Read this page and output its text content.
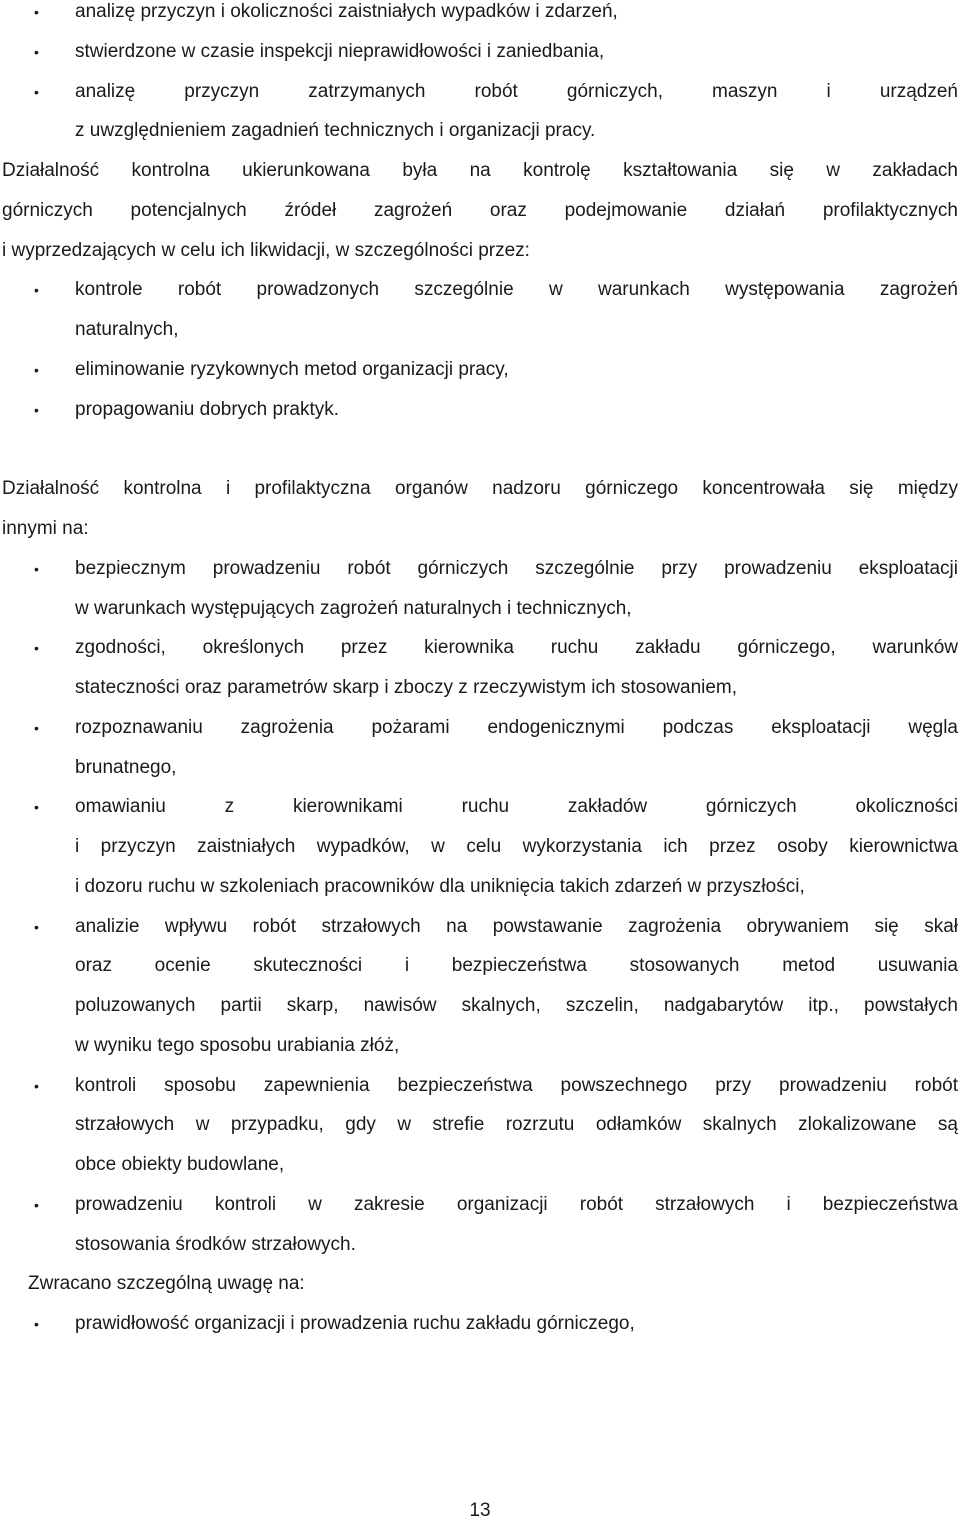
• analizę przyczyn i okoliczności zaistniałych wypadków i zdarzeń,
• stwierdzone w czasie inspekcji nieprawidłowości i zaniedbania,
• analizę przyczyn zatrzymanych robót górniczych, maszyn i urządzeń
z uwzględnieniem zagadnień technicznych i organizacji pracy.
Działalność kontrolna ukierunkowana była na kontrolę kształtowania się w zakładach
górniczych potencjalnych źródeł zagrożeń oraz podejmowanie działań profilaktycznych
i wyprzedzających w celu ich likwidacji, w szczególności przez:
• kontrole robót prowadzonych szczególnie w warunkach występowania zagrożeń
naturalnych,
• eliminowanie ryzykownych metod organizacji pracy,
• propagowaniu dobrych praktyk.
Działalność kontrolna i profilaktyczna organów nadzoru górniczego koncentrowała się między
innymi na:
• bezpiecznym prowadzeniu robót górniczych szczególnie przy prowadzeniu eksploatacji
w warunkach występujących zagrożeń naturalnych i technicznych,
• zgodności, określonych przez kierownika ruchu zakładu górniczego, warunków
stateczności oraz parametrów skarp i zboczy z rzeczywistym ich stosowaniem,
• rozpoznawaniu zagrożenia pożarami endogenicznymi podczas eksploatacji węgla
brunatnego,
• omawianiu z kierownikami ruchu zakładów górniczych okoliczności
i przyczyn zaistniałych wypadków, w celu wykorzystania ich przez osoby kierownictwa
i dozoru ruchu w szkoleniach pracowników dla uniknięcia takich zdarzeń w przyszłości,
• analizie wpływu robót strzałowych na powstawanie zagrożenia obrywaniem się skał
oraz ocenie skuteczności i bezpieczeństwa stosowanych metod usuwania
poluzowanych partii skarp, nawisów skalnych, szczelin, nadgabarytów itp., powstałych
w wyniku tego sposobu urabiania złóż,
• kontroli sposobu zapewnienia bezpieczeństwa powszechnego przy prowadzeniu robót
strzałowych w przypadku, gdy w strefie rozrzutu odłamków skalnych zlokalizowane są
obce obiekty budowlane,
• prowadzeniu kontroli w zakresie organizacji robót strzałowych i bezpieczeństwa
stosowania środków strzałowych.
Zwracano szczególną uwagę na:
• prawidłowość organizacji i prowadzenia ruchu zakładu górniczego,
13
